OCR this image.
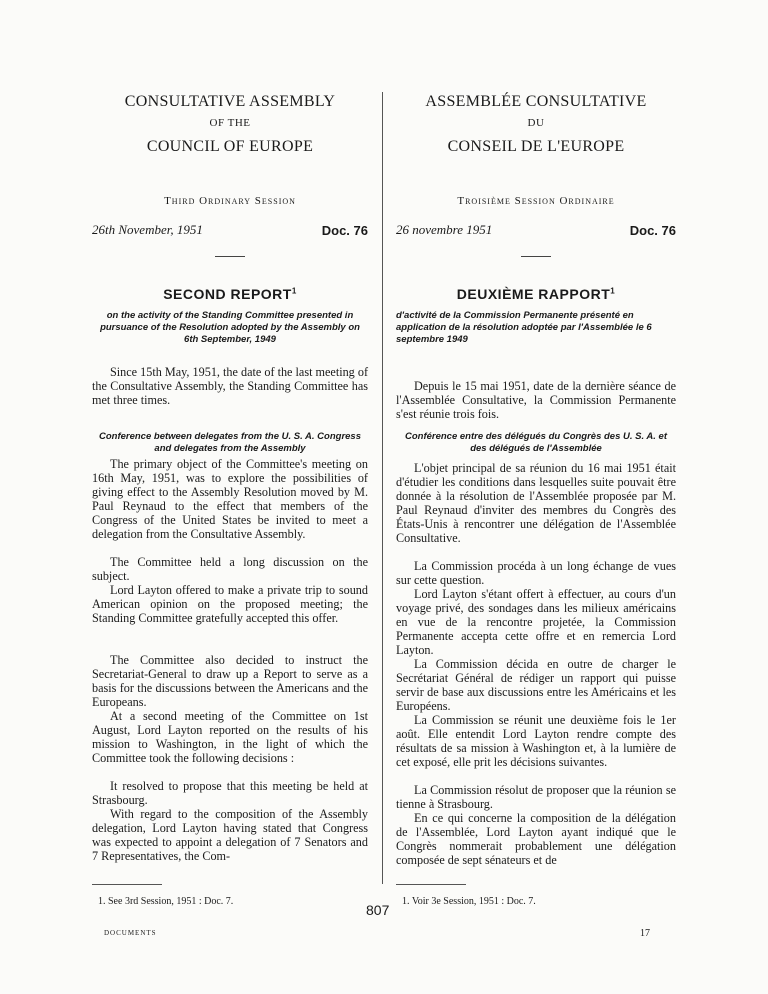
CONSULTATIVE ASSEMBLY
OF THE
COUNCIL OF EUROPE
Third Ordinary Session
26th November, 1951	Doc. 76
SECOND REPORT$^1$
on the activity of the Standing Committee presented in pursuance of the Resolution adopted by the Assembly on 6th September, 1949
Since 15th May, 1951, the date of the last meeting of the Consultative Assembly, the Standing Committee has met three times.
Conference between delegates from the U. S. A. Congress and delegates from the Assembly
The primary object of the Committee's meeting on 16th May, 1951, was to explore the possibilities of giving effect to the Assembly Resolution moved by M. Paul Reynaud to the effect that members of the Congress of the United States be invited to meet a delegation from the Consultative Assembly.
The Committee held a long discussion on the subject.
Lord Layton offered to make a private trip to sound American opinion on the proposed meeting; the Standing Committee gratefully accepted this offer.
The Committee also decided to instruct the Secretariat-General to draw up a Report to serve as a basis for the discussions between the Americans and the Europeans.
At a second meeting of the Committee on 1st August, Lord Layton reported on the results of his mission to Washington, in the light of which the Committee took the following decisions :
It resolved to propose that this meeting be held at Strasbourg.
With regard to the composition of the Assembly delegation, Lord Layton having stated that Congress was expected to appoint a delegation of 7 Senators and 7 Representatives, the Com-
1. See 3rd Session, 1951 : Doc. 7.
ASSEMBLÉE CONSULTATIVE
DU
CONSEIL DE L'EUROPE
Troisième Session Ordinaire
26 novembre 1951	Doc. 76
DEUXIÈME RAPPORT$^1$
d'activité de la Commission Permanente présenté en application de la résolution adoptée par l'Assemblée le 6 septembre 1949
Depuis le 15 mai 1951, date de la dernière séance de l'Assemblée Consultative, la Commission Permanente s'est réunie trois fois.
Conférence entre des délégués du Congrès des U. S. A. et des délégués de l'Assemblée
L'objet principal de sa réunion du 16 mai 1951 était d'étudier les conditions dans lesquelles suite pouvait être donnée à la résolution de l'Assemblée proposée par M. Paul Reynaud d'inviter des membres du Congrès des États-Unis à rencontrer une délégation de l'Assemblée Consultative.
La Commission procéda à un long échange de vues sur cette question.
Lord Layton s'étant offert à effectuer, au cours d'un voyage privé, des sondages dans les milieux américains en vue de la rencontre projetée, la Commission Permanente accepta cette offre et en remercia Lord Layton.
La Commission décida en outre de charger le Secrétariat Général de rédiger un rapport qui puisse servir de base aux discussions entre les Américains et les Européens.
La Commission se réunit une deuxième fois le 1er août. Elle entendit Lord Layton rendre compte des résultats de sa mission à Washington et, à la lumière de cet exposé, elle prit les décisions suivantes.
La Commission résolut de proposer que la réunion se tienne à Strasbourg.
En ce qui concerne la composition de la délégation de l'Assemblée, Lord Layton ayant indiqué que le Congrès nommerait probablement une délégation composée de sept sénateurs et de
1. Voir 3e Session, 1951 : Doc. 7.
807
DOCUMENTS	17
